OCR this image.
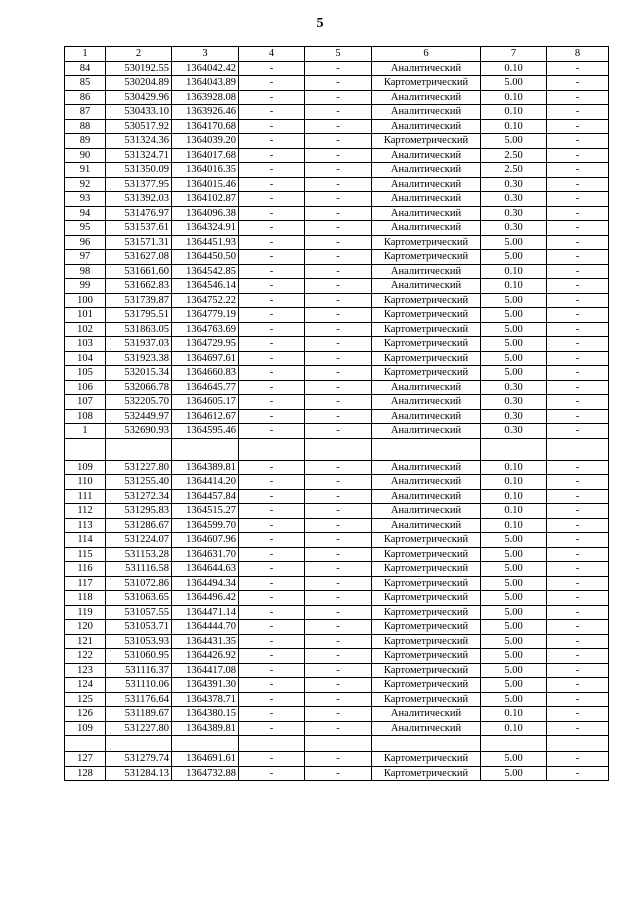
5
1	2	3	4	5	6	7	8
84	530192.55	1364042.42	-	-	Аналитический	0.10	-
85	530204.89	1364043.89	-	-	Картометрический	5.00	-
86	530429.96	1363928.08	-	-	Аналитический	0.10	-
87	530433.10	1363926.46	-	-	Аналитический	0.10	-
88	530517.92	1364170.68	-	-	Аналитический	0.10	-
89	531324.36	1364039.20	-	-	Картометрический	5.00	-
90	531324.71	1364017.68	-	-	Аналитический	2.50	-
91	531350.09	1364016.35	-	-	Аналитический	2.50	-
92	531377.95	1364015.46	-	-	Аналитический	0.30	-
93	531392.03	1364102.87	-	-	Аналитический	0.30	-
94	531476.97	1364096.38	-	-	Аналитический	0.30	-
95	531537.61	1364324.91	-	-	Аналитический	0.30	-
96	531571.31	1364451.93	-	-	Картометрический	5.00	-
97	531627.08	1364450.50	-	-	Картометрический	5.00	-
98	531661.60	1364542.85	-	-	Аналитический	0.10	-
99	531662.83	1364546.14	-	-	Аналитический	0.10	-
100	531739.87	1364752.22	-	-	Картометрический	5.00	-
101	531795.51	1364779.19	-	-	Картометрический	5.00	-
102	531863.05	1364763.69	-	-	Картометрический	5.00	-
103	531937.03	1364729.95	-	-	Картометрический	5.00	-
104	531923.38	1364697.61	-	-	Картометрический	5.00	-
105	532015.34	1364660.83	-	-	Картометрический	5.00	-
106	532066.78	1364645.77	-	-	Аналитический	0.30	-
107	532205.70	1364605.17	-	-	Аналитический	0.30	-
108	532449.97	1364612.67	-	-	Аналитический	0.30	-
1	532690.93	1364595.46	-	-	Аналитический	0.30	-

109	531227.80	1364389.81	-	-	Аналитический	0.10	-
110	531255.40	1364414.20	-	-	Аналитический	0.10	-
111	531272.34	1364457.84	-	-	Аналитический	0.10	-
112	531295.83	1364515.27	-	-	Аналитический	0.10	-
113	531286.67	1364599.70	-	-	Аналитический	0.10	-
114	531224.07	1364607.96	-	-	Картометрический	5.00	-
115	531153.28	1364631.70	-	-	Картометрический	5.00	-
116	531116.58	1364644.63	-	-	Картометрический	5.00	-
117	531072.86	1364494.34	-	-	Картометрический	5.00	-
118	531063.65	1364496.42	-	-	Картометрический	5.00	-
119	531057.55	1364471.14	-	-	Картометрический	5.00	-
120	531053.71	1364444.70	-	-	Картометрический	5.00	-
121	531053.93	1364431.35	-	-	Картометрический	5.00	-
122	531060.95	1364426.92	-	-	Картометрический	5.00	-
123	531116.37	1364417.08	-	-	Картометрический	5.00	-
124	531110.06	1364391.30	-	-	Картометрический	5.00	-
125	531176.64	1364378.71	-	-	Картометрический	5.00	-
126	531189.67	1364380.15	-	-	Аналитический	0.10	-
109	531227.80	1364389.81	-	-	Аналитический	0.10	-

127	531279.74	1364691.61	-	-	Картометрический	5.00	-
128	531284.13	1364732.88	-	-	Картометрический	5.00	-
